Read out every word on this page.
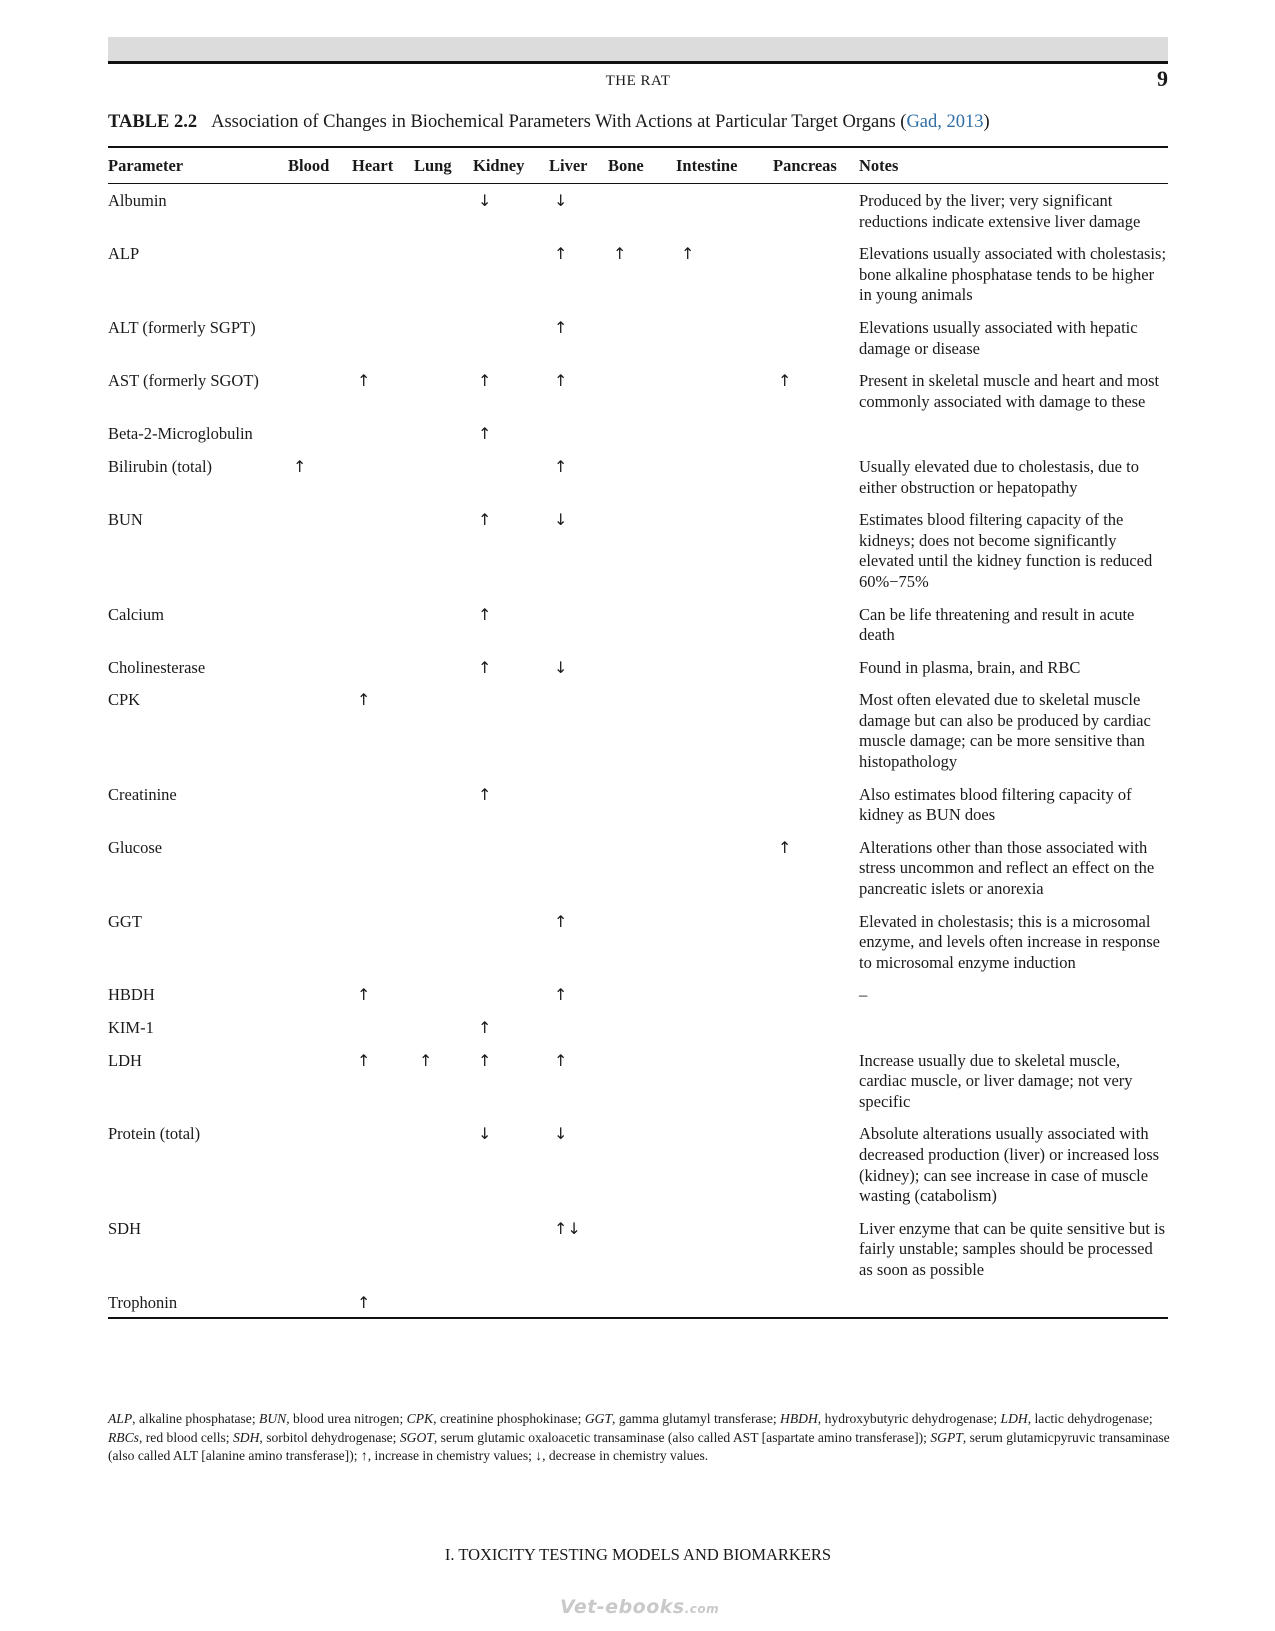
THE RAT	9
TABLE 2.2 Association of Changes in Biochemical Parameters With Actions at Particular Target Organs (Gad, 2013)
Parameter	Blood	Heart	Lung	Kidney	Liver	Bone	Intestine	Pancreas	Notes
Albumin				↓	↓				Produced by the liver; very significant reductions indicate extensive liver damage
ALP					↑	↑	↑		Elevations usually associated with cholestasis; bone alkaline phosphatase tends to be higher in young animals
ALT (formerly SGPT)					↑				Elevations usually associated with hepatic damage or disease
AST (formerly SGOT)		↑		↑	↑			↑	Present in skeletal muscle and heart and most commonly associated with damage to these
Beta-2-Microglobulin				↑					
Bilirubin (total)	↑				↑				Usually elevated due to cholestasis, due to either obstruction or hepatopathy
BUN				↑	↓				Estimates blood filtering capacity of the kidneys; does not become significantly elevated until the kidney function is reduced 60%−75%
Calcium				↑					Can be life threatening and result in acute death
Cholinesterase				↑	↓				Found in plasma, brain, and RBC
CPK		↑							Most often elevated due to skeletal muscle damage but can also be produced by cardiac muscle damage; can be more sensitive than histopathology
Creatinine				↑					Also estimates blood filtering capacity of kidney as BUN does
Glucose								↑	Alterations other than those associated with stress uncommon and reflect an effect on the pancreatic islets or anorexia
GGT					↑				Elevated in cholestasis; this is a microsomal enzyme, and levels often increase in response to microsomal enzyme induction
HBDH		↑			↑				–
KIM-1				↑					
LDH		↑	↑	↑	↑				Increase usually due to skeletal muscle, cardiac muscle, or liver damage; not very specific
Protein (total)				↓	↓				Absolute alterations usually associated with decreased production (liver) or increased loss (kidney); can see increase in case of muscle wasting (catabolism)
SDH					↑↓				Liver enzyme that can be quite sensitive but is fairly unstable; samples should be processed as soon as possible
Trophonin		↑							
ALP, alkaline phosphatase; BUN, blood urea nitrogen; CPK, creatinine phosphokinase; GGT, gamma glutamyl transferase; HBDH, hydroxybutyric dehydrogenase; LDH, lactic dehydrogenase; RBCs, red blood cells; SDH, sorbitol dehydrogenase; SGOT, serum glutamic oxaloacetic transaminase (also called AST [aspartate amino transferase]); SGPT, serum glutamicpyruvic transaminase (also called ALT [alanine amino transferase]); ↑, increase in chemistry values; ↓, decrease in chemistry values.
I. TOXICITY TESTING MODELS AND BIOMARKERS
Vet-ebooks.com
